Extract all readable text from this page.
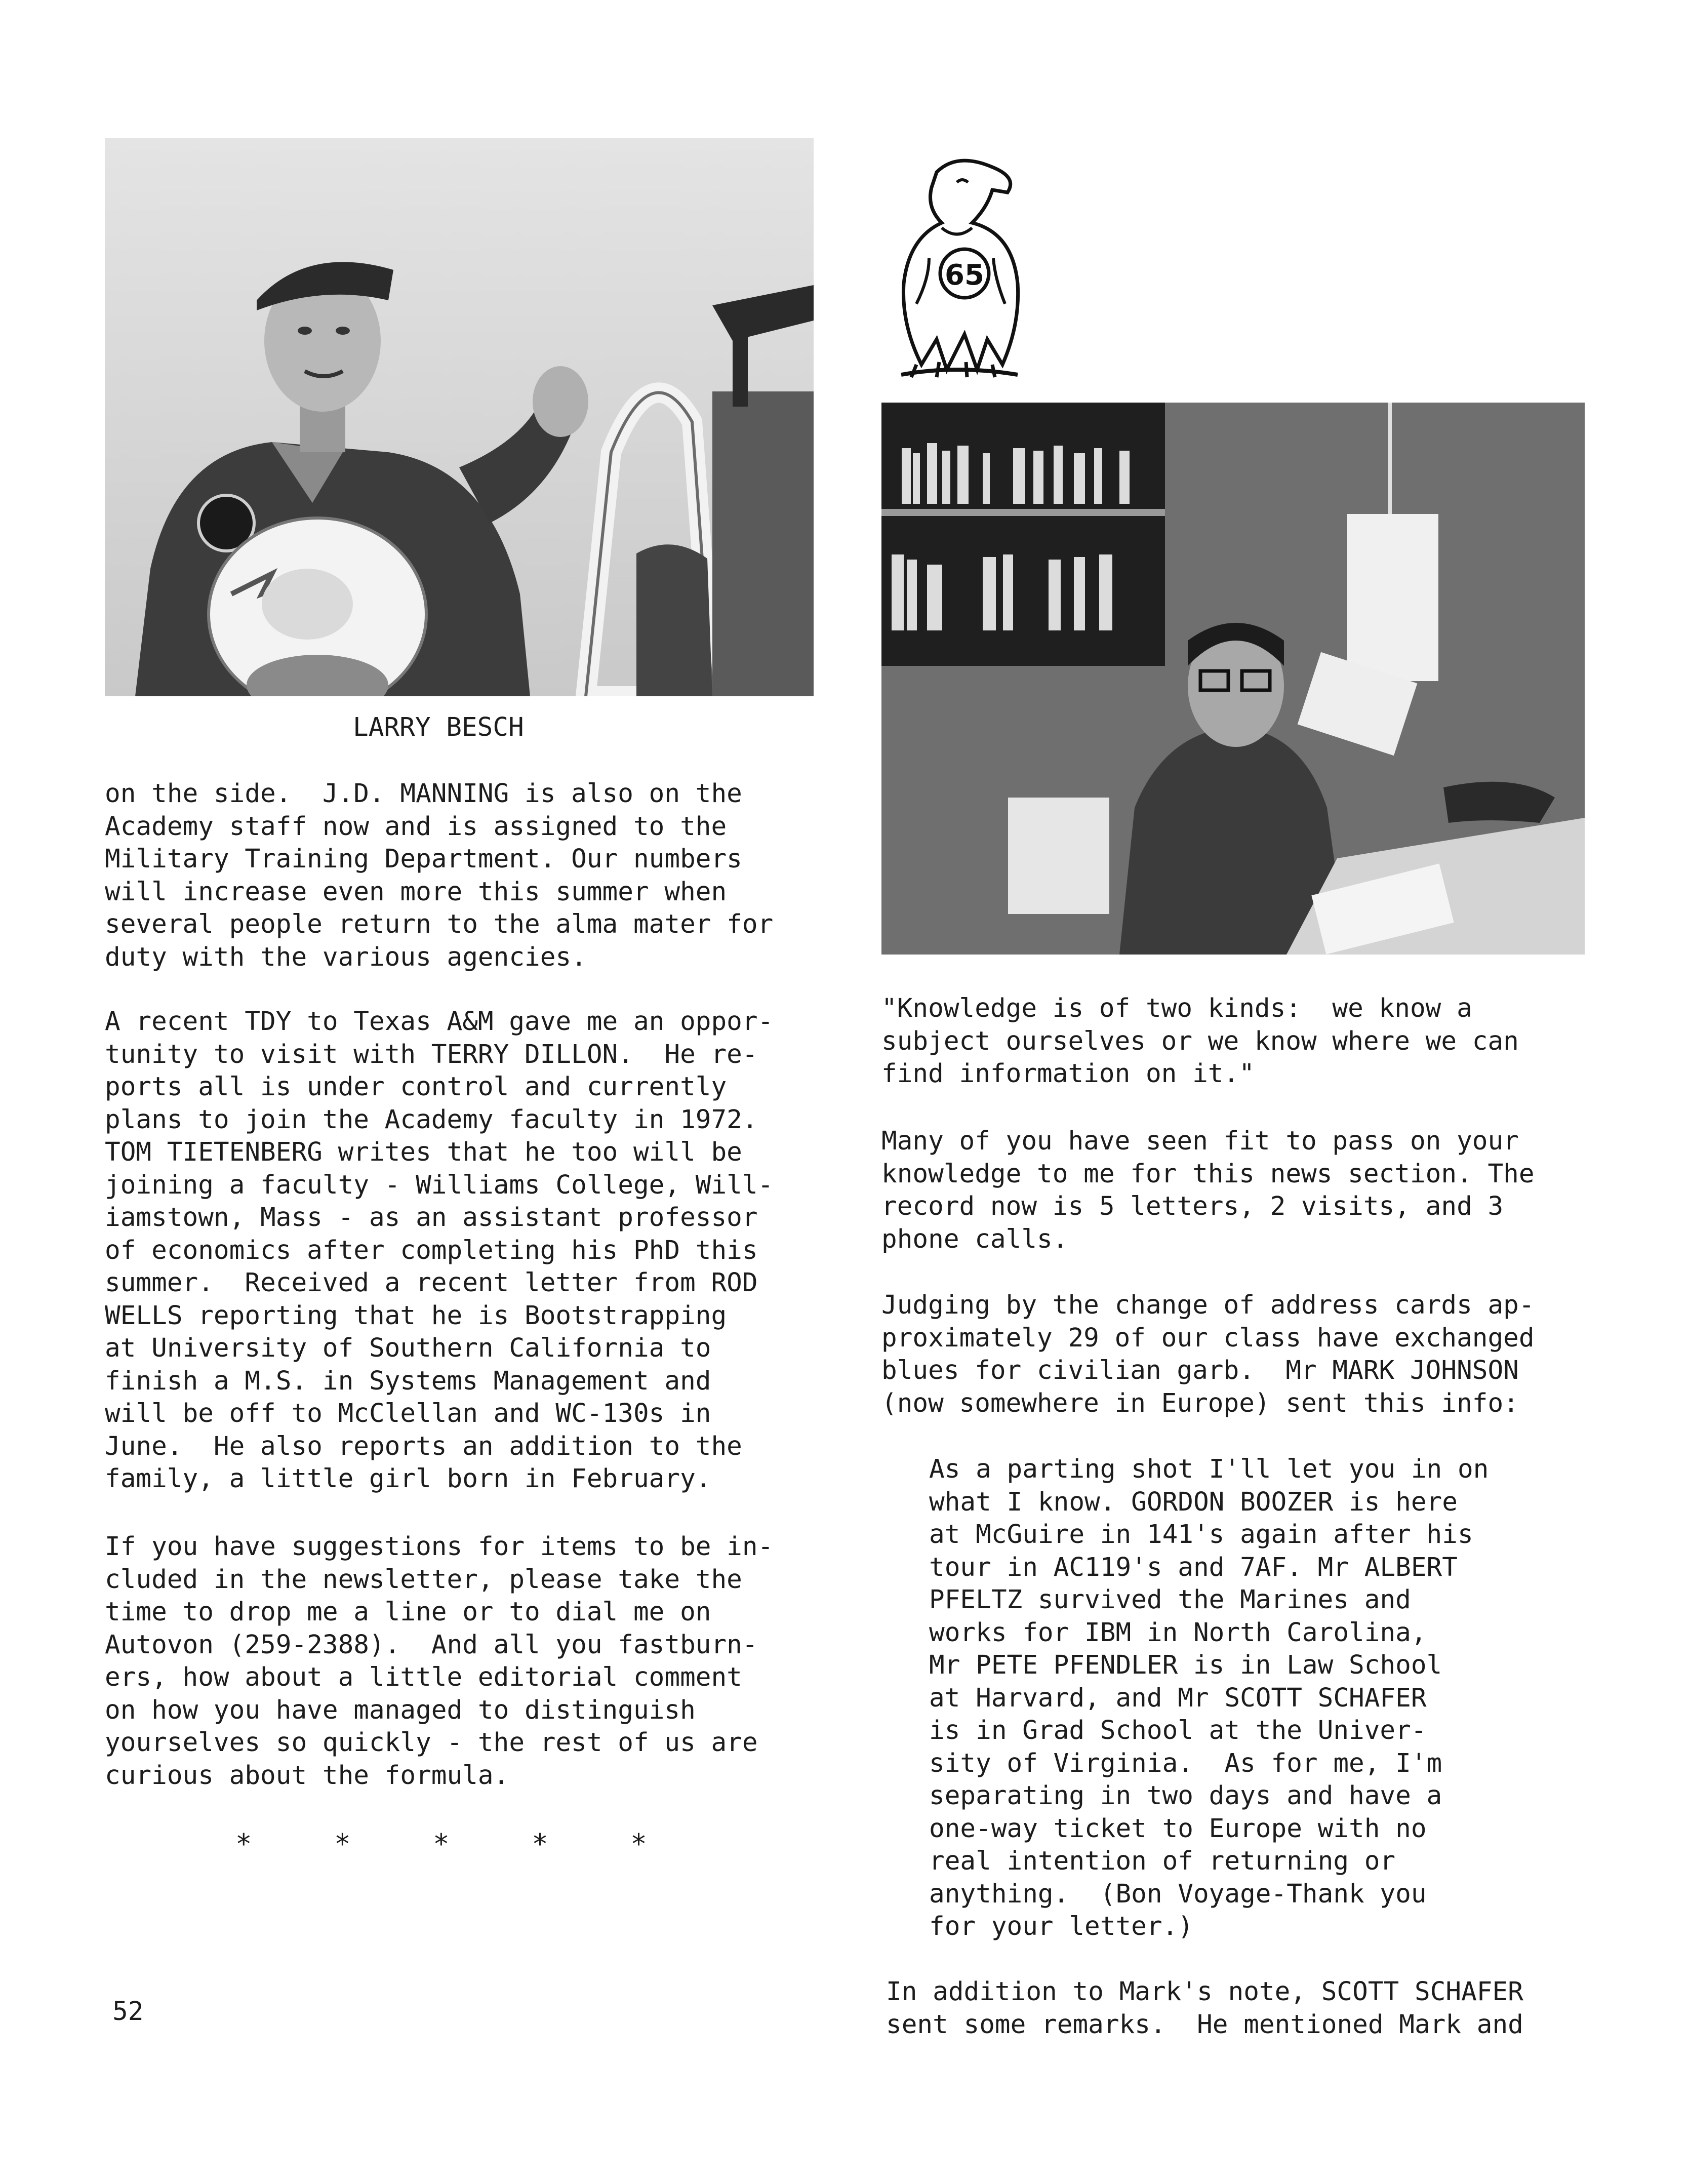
LARRY BESCH
65

on the side.  J.D. MANNING is also on the
Academy staff now and is assigned to the
Military Training Department. Our numbers
will increase even more this summer when
several people return to the alma mater for
duty with the various agencies.

A recent TDY to Texas A&M gave me an oppor-
tunity to visit with TERRY DILLON.  He re-
ports all is under control and currently
plans to join the Academy faculty in 1972.
TOM TIETENBERG writes that he too will be
joining a faculty - Williams College, Will-
iamstown, Mass - as an assistant professor
of economics after completing his PhD this
summer.  Received a recent letter from ROD
WELLS reporting that he is Bootstrapping
at University of Southern California to
finish a M.S. in Systems Management and
will be off to McClellan and WC-130s in
June.  He also reports an addition to the
family, a little girl born in February.

If you have suggestions for items to be in-
cluded in the newsletter, please take the
time to drop me a line or to dial me on
Autovon (259-2388).  And all you fastburn-
ers, how about a little editorial comment
on how you have managed to distinguish
yourselves so quickly - the rest of us are
curious about the formula.

*     *     *     *     *
52

"Knowledge is of two kinds:  we know a
subject ourselves or we know where we can
find information on it."

Many of you have seen fit to pass on your
knowledge to me for this news section. The
record now is 5 letters, 2 visits, and 3
phone calls.

Judging by the change of address cards ap-
proximately 29 of our class have exchanged
blues for civilian garb.  Mr MARK JOHNSON
(now somewhere in Europe) sent this info:

As a parting shot I'll let you in on
what I know. GORDON BOOZER is here
at McGuire in 141's again after his
tour in AC119's and 7AF. Mr ALBERT
PFELTZ survived the Marines and
works for IBM in North Carolina,
Mr PETE PFENDLER is in Law School
at Harvard, and Mr SCOTT SCHAFER
is in Grad School at the Univer-
sity of Virginia.  As for me, I'm
separating in two days and have a
one-way ticket to Europe with no
real intention of returning or
anything.  (Bon Voyage-Thank you
for your letter.)

In addition to Mark's note, SCOTT SCHAFER
sent some remarks.  He mentioned Mark and
